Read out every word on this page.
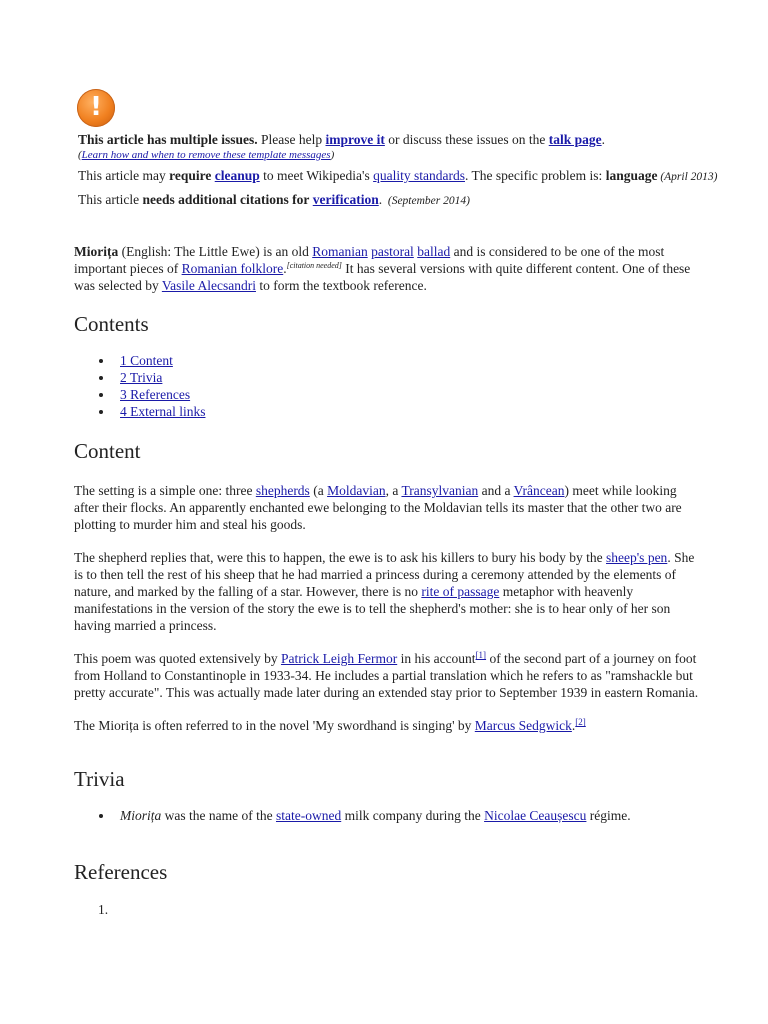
!

This article has multiple issues. Please help improve it or discuss these issues on the talk page.

(Learn how and when to remove these template messages)

This article may require cleanup to meet Wikipedia's quality standards. The specific problem is: language (April 2013)

This article needs additional citations for verification.  (September 2014)

Miorița (English: The Little Ewe) is an old Romanian pastoral ballad and is considered to be one of the most important pieces of Romanian folklore.[citation needed] It has several versions with quite different content. One of these was selected by Vasile Alecsandri to form the textbook reference.

Contents
1 Content
2 Trivia
3 References
4 External links
Content

The setting is a simple one: three shepherds (a Moldavian, a Transylvanian and a Vrâncean) meet while looking after their flocks. An apparently enchanted ewe belonging to the Moldavian tells its master that the other two are plotting to murder him and steal his goods.

The shepherd replies that, were this to happen, the ewe is to ask his killers to bury his body by the sheep's pen. She is to then tell the rest of his sheep that he had married a princess during a ceremony attended by the elements of nature, and marked by the falling of a star. However, there is no rite of passage metaphor with heavenly manifestations in the version of the story the ewe is to tell the shepherd's mother: she is to hear only of her son having married a princess.

This poem was quoted extensively by Patrick Leigh Fermor in his account[1] of the second part of a journey on foot from Holland to Constantinople in 1933-34. He includes a partial translation which he refers to as "ramshackle but pretty accurate". This was actually made later during an extended stay prior to September 1939 in eastern Romania.

The Miorița is often referred to in the novel 'My swordhand is singing' by Marcus Sedgwick.[2]

Trivia
Miorița was the name of the state-owned milk company during the Nicolae Ceaușescu régime.
References
1.
